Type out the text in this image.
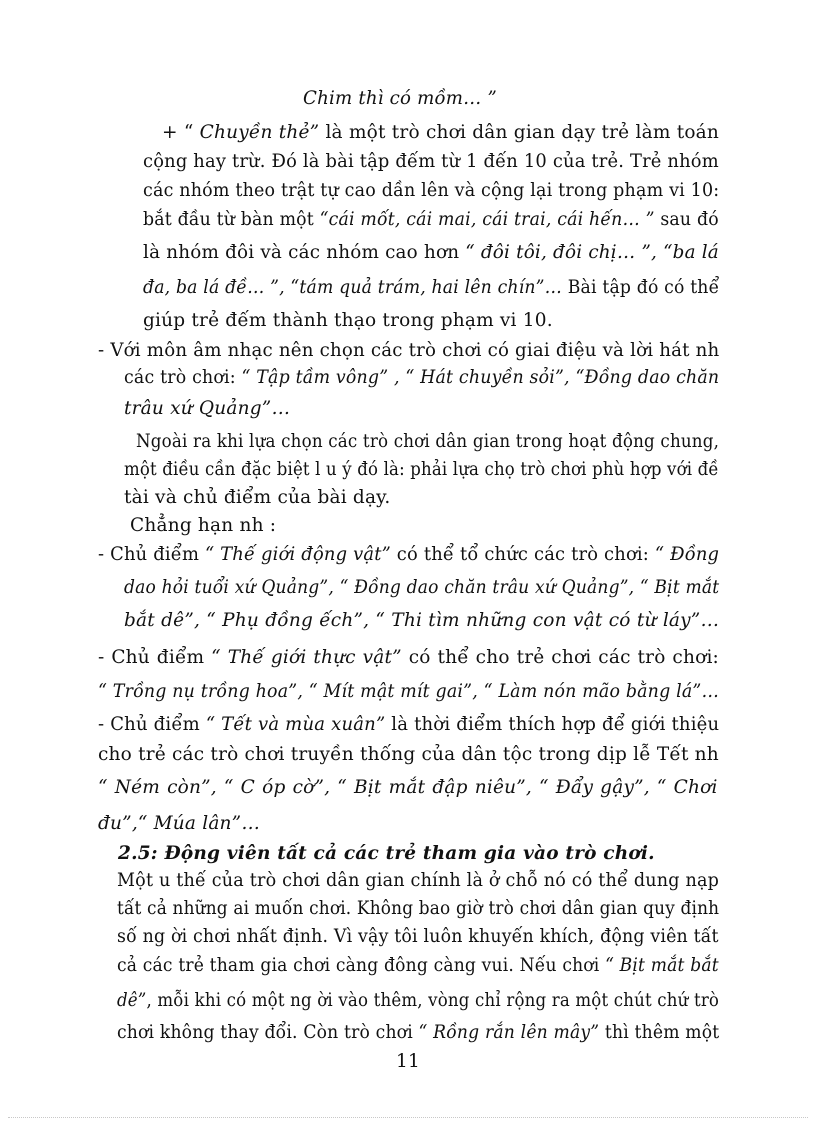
Chim thì có mồm… ”
+ “ Chuyền thẻ” là một trò chơi dân gian dạy trẻ làm toán
cộng hay trừ. Đó là bài tập đếm từ 1 đến 10 của trẻ. Trẻ nhóm
các nhóm theo trật tự cao dần lên và cộng lại trong phạm vi 10:
bắt đầu từ bàn một “cái mốt, cái mai, cái trai, cái hến… ” sau đó
là nhóm đôi và các nhóm cao hơn “ đôi tôi, đôi chị… ”, “ba lá
đa, ba lá đề… ”, “tám quả trám, hai lên chín”… Bài tập đó có thể
giúp trẻ đếm thành thạo trong phạm vi 10.
- Với môn âm nhạc nên chọn các trò chơi có giai điệu và lời hát nh
các trò chơi: “ Tập tầm vông” , “ Hát chuyền sỏi”, “Đồng dao chăn
trâu xứ Quảng”…
Ngoài ra khi lựa chọn các trò chơi dân gian trong hoạt động chung,
một điều cần đặc biệt l u ý đó là: phải lựa chọ trò chơi phù hợp với đề
tài và chủ điểm của bài dạy.
Chẳng hạn nh :
- Chủ điểm “ Thế giới động vật” có thể tổ chức các trò chơi: “ Đồng
dao hỏi tuổi xứ Quảng”, “ Đồng dao chăn trâu xứ Quảng”, “ Bịt mắt
bắt dê”, “ Phụ đồng ếch”, “ Thi tìm những con vật có từ láy”…
- Chủ điểm “ Thế giới thực vật” có thể cho trẻ chơi các trò chơi:
“ Trồng nụ trồng hoa”, “ Mít mật mít gai”, “ Làm nón mão bằng lá”…
- Chủ điểm “ Tết và mùa xuân” là thời điểm thích hợp để giới thiệu
cho trẻ các trò chơi truyền thống của dân tộc trong dịp lễ Tết nh
“ Ném còn”, “ C óp cờ”, “ Bịt mắt đập niêu”, “ Đẩy gậy”, “ Chơi
đu”,“ Múa lân”…
2.5: Động viên tất cả các trẻ tham gia vào trò chơi.
Một u thế của trò chơi dân gian chính là ở chỗ nó có thể dung nạp
tất cả những ai muốn chơi. Không bao giờ trò chơi dân gian quy định
số ng ời chơi nhất định. Vì vậy tôi luôn khuyến khích, động viên tất
cả các trẻ tham gia chơi càng đông càng vui. Nếu chơi “ Bịt mắt bắt
dê”, mỗi khi có một ng ời vào thêm, vòng chỉ rộng ra một chút chứ trò
chơi không thay đổi. Còn trò chơi “ Rồng rắn lên mây” thì thêm một
11
